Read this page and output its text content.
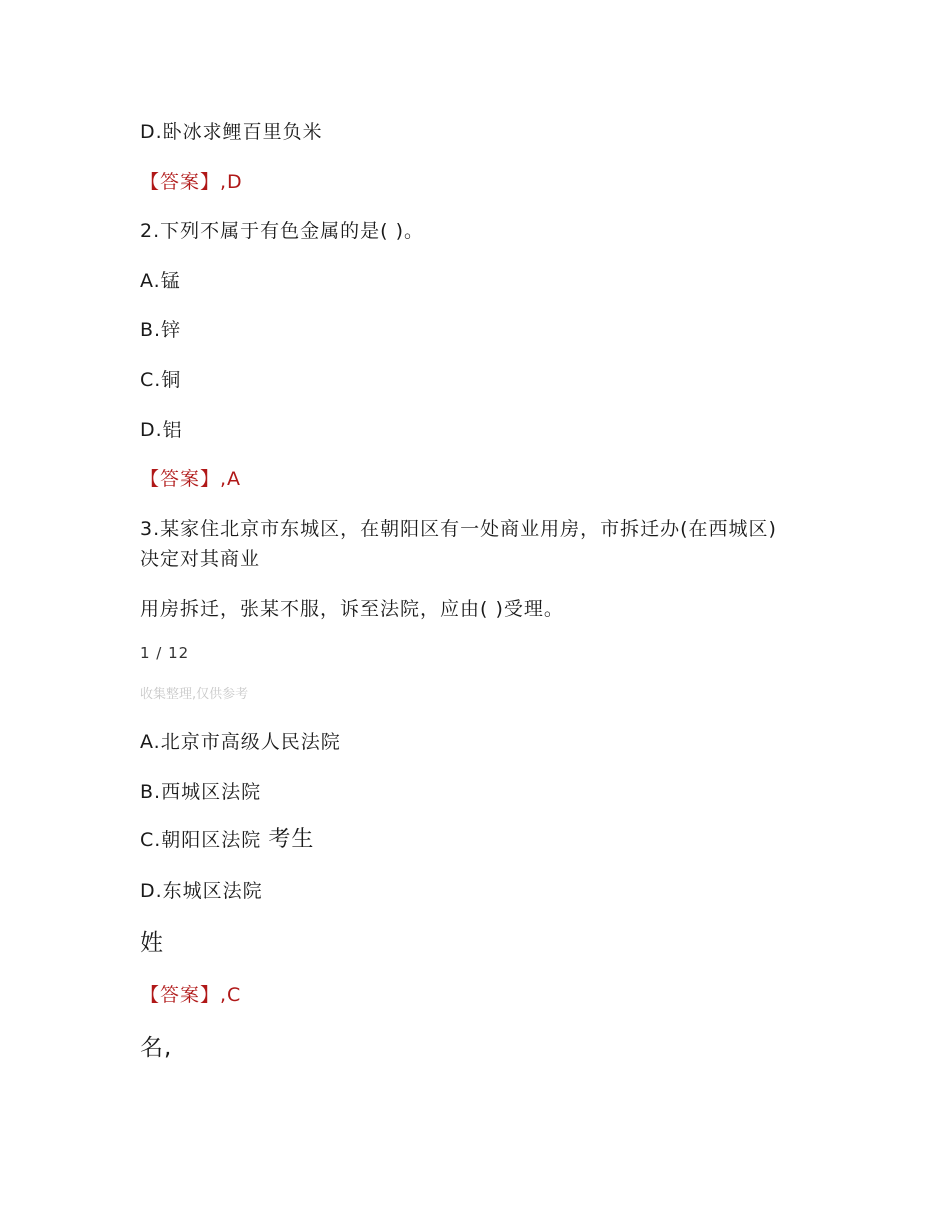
D.卧冰求鲤百里负米

【答案】,D

2.下列不属于有色金属的是( )。

A.锰

B.锌

C.铜

D.铝

【答案】,A

3.某家住北京市东城区，在朝阳区有一处商业用房，市拆迁办(在西城区)

决定对其商业

用房拆迁，张某不服，诉至法院，应由( )受理。

1 / 12
收集整理,仅供参考

A.北京市高级人民法院

B.西城区法院

C.朝阳区法院 考生

D.东城区法院

姓

【答案】,C

名,
